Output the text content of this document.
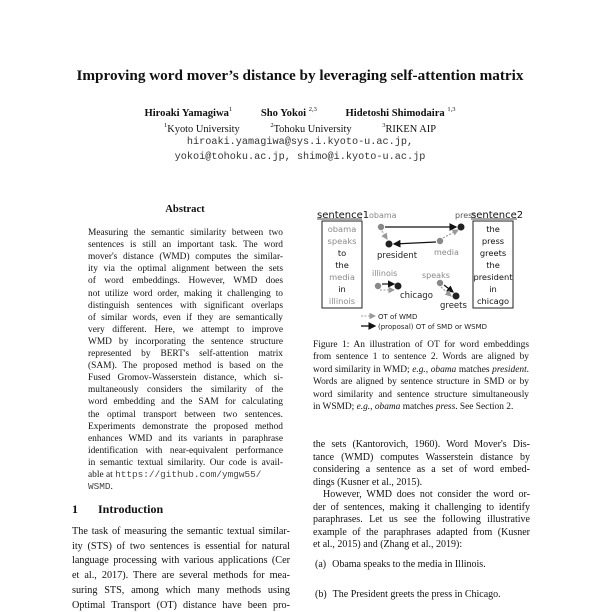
Improving word mover’s distance by leveraging self-attention matrix
Hiroaki Yamagiwa$^1$	Sho Yokoi $^{2,3}$	Hidetoshi Shimodaira $^{1,3}$
$^1$Kyoto University	$^2$Tohoku University	$^3$RIKEN AIP
hiroaki.yamagiwa@sys.i.kyoto-u.ac.jp,
yokoi@tohoku.ac.jp, shimo@i.kyoto-u.ac.jp
Abstract
Measuring the semantic similarity between two
sentences is still an important task. The word
mover's distance (WMD) computes the similar-
ity via the optimal alignment between the sets
of word embeddings. However, WMD does
not utilize word order, making it challenging to
distinguish sentences with significant overlaps
of similar words, even if they are semantically
very different. Here, we attempt to improve
WMD by incorporating the sentence structure
represented by BERT's self-attention matrix
(SAM). The proposed method is based on the
Fused Gromov-Wasserstein distance, which si-
multaneously considers the similarity of the
word embedding and the SAM for calculating
the optimal transport between two sentences.
Experiments demonstrate the proposed method
enhances WMD and its variants in paraphrase
identification with near-equivalent performance
in semantic textual similarity. Our code is avail-
able at https://github.com/ymgw55/
WSMD.
1 Introduction
The task of measuring the semantic textual similar-
ity (STS) of two sentences is essential for natural
language processing with various applications (Cer
et al., 2017). There are several methods for mea-
suring STS, among which many methods using
Optimal Transport (OT) distance have been pro-
sentence1
obama
speaks
to
the
media
in
illinois
sentence2
the
press
greets
the
president
in
chicago
obama
president
press
media
illinois
chicago
speaks
greets
OT of WMD
(proposal) OT of SMD or WSMD
Figure 1: An illustration of OT for word embeddings
from sentence 1 to sentence 2. Words are aligned by
word similarity in WMD; e.g., obama matches president.
Words are aligned by sentence structure in SMD or by
word similarity and sentence structure simultaneously
in WSMD; e.g., obama matches press. See Section 2.
the sets (Kantorovich, 1960). Word Mover's Dis-
tance (WMD) computes Wasserstein distance by
considering a sentence as a set of word embed-
dings (Kusner et al., 2015).
However, WMD does not consider the word or-
der of sentences, making it challenging to identify
paraphrases. Let us see the following illustrative
example of the paraphrases adapted from (Kusner
et al., 2015) and (Zhang et al., 2019):
(a) Obama speaks to the media in Illinois.
(b) The President greets the press in Chicago.
